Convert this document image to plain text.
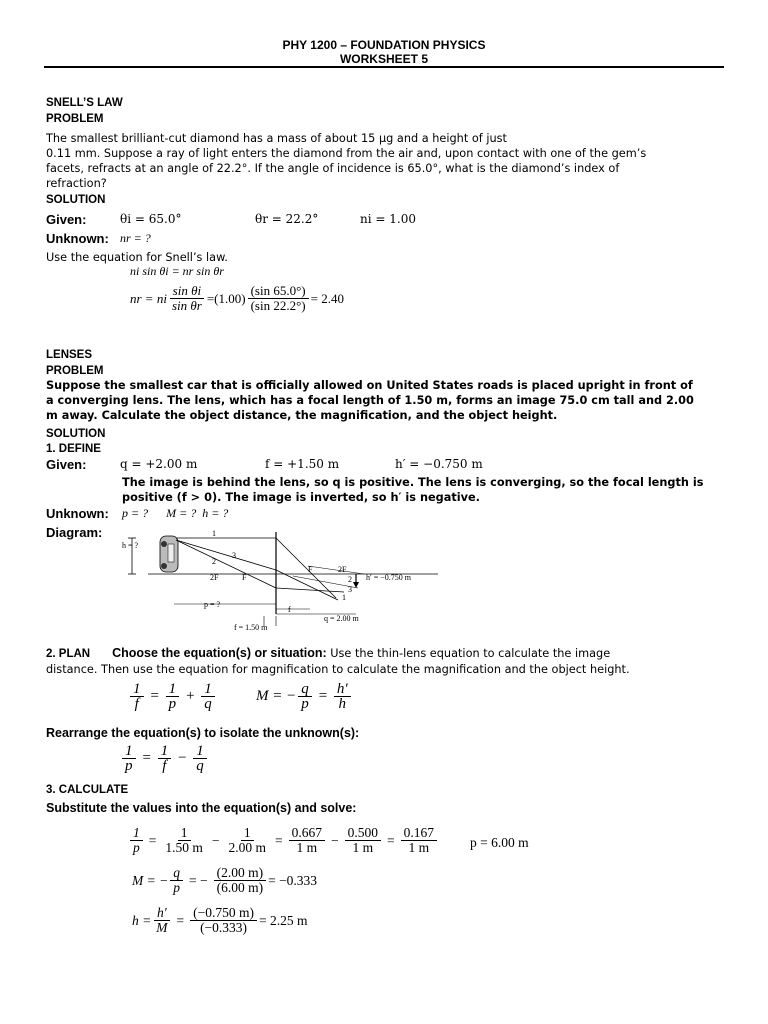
PHY 1200 – FOUNDATION PHYSICS
WORKSHEET 5
SNELL’S LAW
PROBLEM
The smallest brilliant-cut diamond has a mass of about 15 μg and a height of just
0.11 mm. Suppose a ray of light enters the diamond from the air and, upon contact with one of the gem’s
facets, refracts at an angle of 22.2°. If the angle of incidence is 65.0°, what is the diamond’s index of
refraction?
SOLUTION
Given:	θi = 65.0°	θr = 22.2°	ni = 1.00
Unknown: nr = ?
Use the equation for Snell’s law.
ni sin θi = nr sin θr
nr = ni $\frac{\text{sin θi}}{\text{sin θr}} =(1.00) \frac{(\sin 65.0^\circ)}{(\sin 22.2^\circ)} = 2.40$
LENSES
PROBLEM
Suppose the smallest car that is officially allowed on United States roads is placed upright in front of
a converging lens. The lens, which has a focal length of 1.50 m, forms an image 75.0 cm tall and 2.00
m away. Calculate the object distance, the magnification, and the object height.
SOLUTION
1. DEFINE
Given:	q = +2.00 m	f = +1.50 m	h′ = −0.750 m
The image is behind the lens, so q is positive. The lens is converging, so the focal length is
positive (f > 0). The image is inverted, so h′ is negative.
Unknown: p = ?      M = ?  h = ?
Diagram:
h = ?
1
2
3
2F	F
F	2F
h′ = −0.750 m
2
3
1
p = ?
f
q = 2.00 m
f = 1.50 m
2. PLAN Choose the equation(s) or situation: Use the thin-lens equation to calculate the image
distance. Then use the equation for magnification to calculate the magnification and the object height.
$\frac{1}{f} = \frac{1}{p} + \frac{1}{q}$	M = − $\frac{q}{p} = \frac{h'}{h}$
Rearrange the equation(s) to isolate the unknown(s):
$\frac{1}{p} = \frac{1}{f} - \frac{1}{q}$
3. CALCULATE
Substitute the values into the equation(s) and solve:
$\frac{1}{p} = \frac{1}{1.50 m} - \frac{1}{2.00 m} = \frac{0.667}{1 m} - \frac{0.500}{1 m} = \frac{0.167}{1 m}$ p = 6.00 m
M = − $\frac{q}{p}$ = − $\frac{(2.00 m)}{(6.00 m)} = -0.333$
$h = \frac{h'}{M} = \frac{(-0.750 m)}{(-0.333)} = 2.25$ m
